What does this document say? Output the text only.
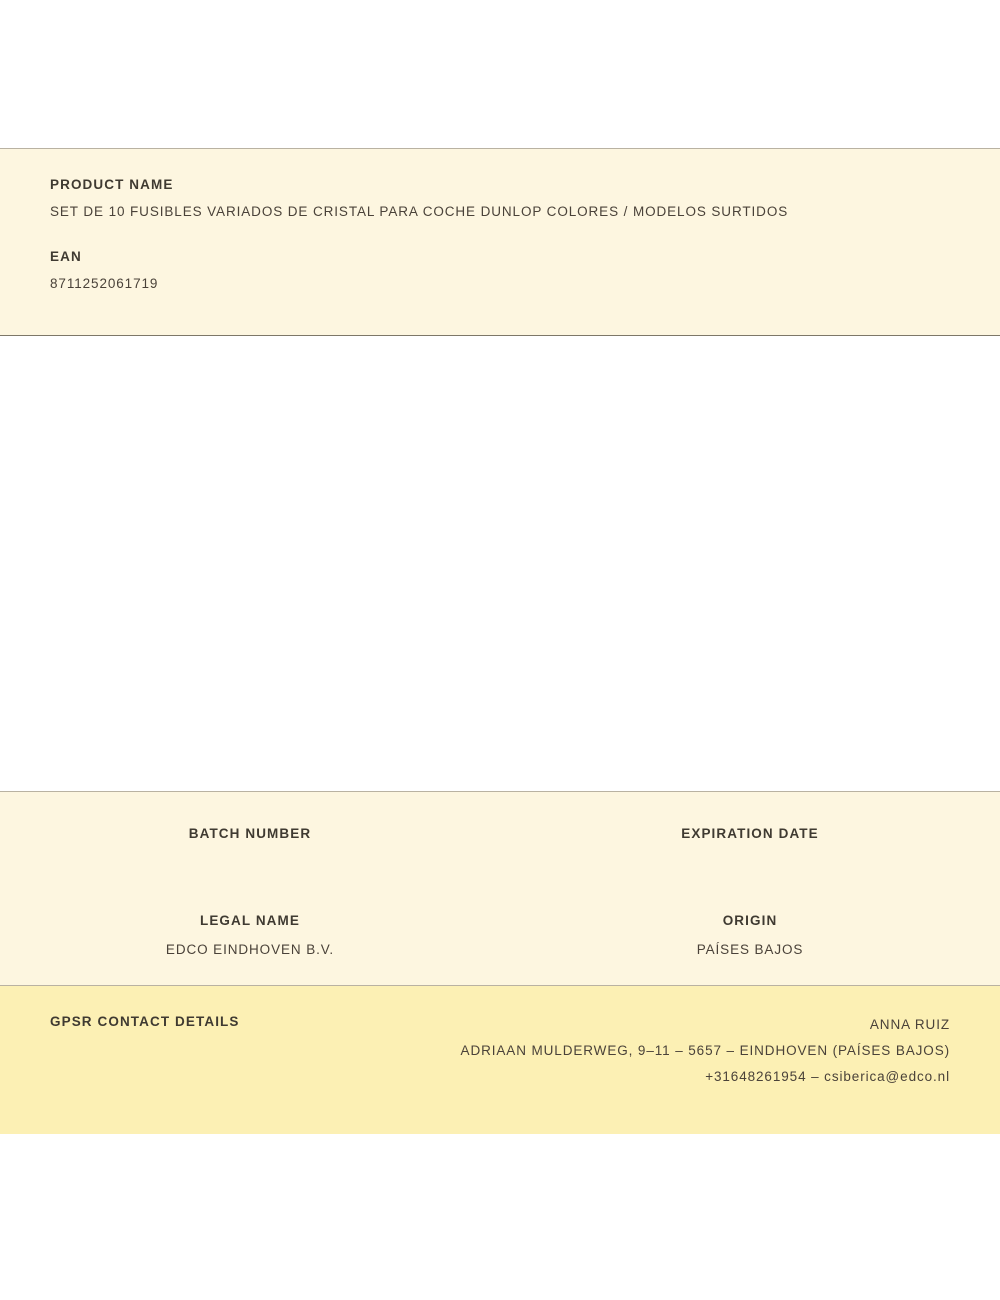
PRODUCT NAME

SET DE 10 FUSIBLES VARIADOS DE CRISTAL PARA COCHE DUNLOP COLORES / MODELOS SURTIDOS

EAN

8711252061719

BATCH NUMBER	EXPIRATION DATE

LEGAL NAME

EDCO EINDHOVEN B.V.

ORIGIN

PAÍSES BAJOS

GPSR CONTACT DETAILS	ANNA RUIZ
ADRIAAN MULDERWEG, 9–11 – 5657 – EINDHOVEN (PAÍSES BAJOS)
+31648261954 – csiberica@edco.nl
